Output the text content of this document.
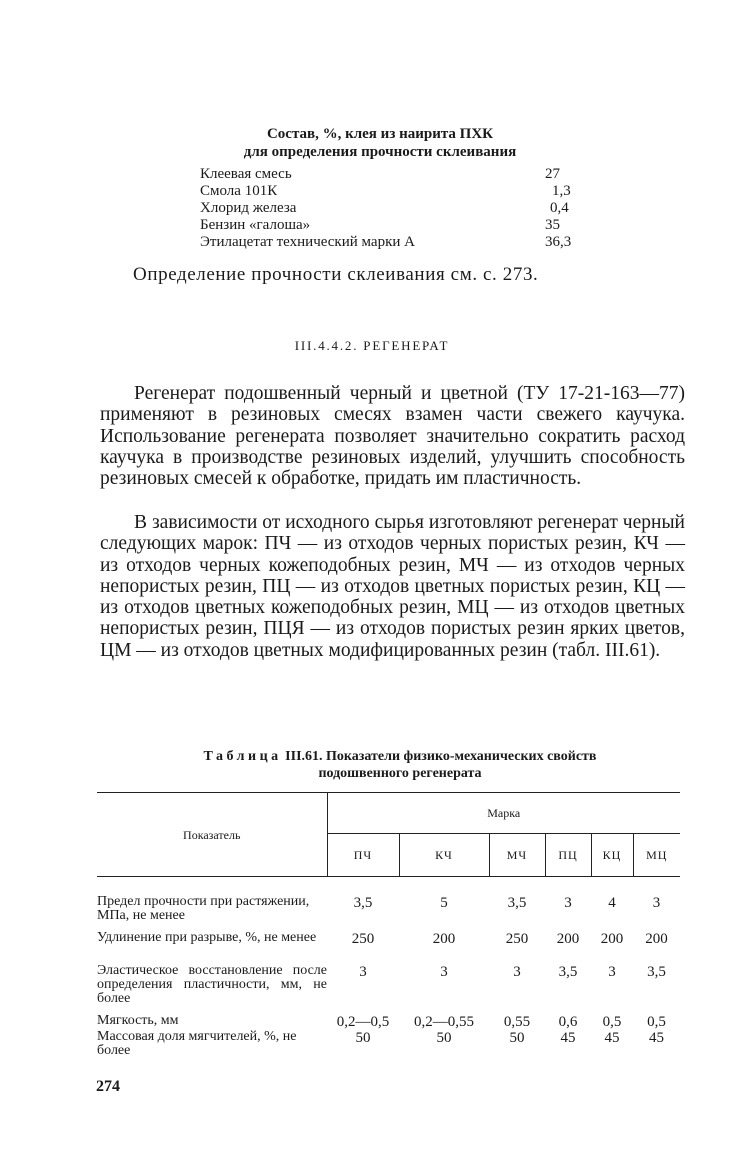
Состав, %, клея из наирита ПХК
для определения прочности склеивания
Клеевая смесь	27
Смола 101К	1,3
Хлорид железа	0,4
Бензин «галоша»	35
Этилацетат технический марки А	36,3
Определение прочности склеивания см. с. 273.
III.4.4.2. РЕГЕНЕРАТ
Регенерат подошвенный черный и цветной (ТУ 17-21-163—77) применяют в резиновых смесях взамен части свежего каучука. Использование регенерата позволяет значительно сократить расход каучука в производстве резиновых изделий, улучшить способность резиновых смесей к обработке, придать им пластичность.
В зависимости от исходного сырья изготовляют регенерат черный следующих марок: ПЧ — из отходов черных пористых резин, КЧ — из отходов черных кожеподобных резин, МЧ — из отходов черных непористых резин, ПЦ — из отходов цветных пористых резин, КЦ — из отходов цветных кожеподобных резин, МЦ — из отходов цветных непористых резин, ПЦЯ — из отходов пористых резин ярких цветов, ЦМ — из отходов цветных модифицированных резин (табл. III.61).
Таблица III.61. Показатели физико-механических свойств
подошвенного регенерата
Показатель	Марка					
	ПЧ	КЧ	МЧ	ПЦ	КЦ	МЦ

Предел прочности при растяжении, МПа, не менее	3,5	5	3,5	3	4	3
Удлинение при разрыве, %, не менее	250	200	250	200	200	200
Эластическое восстановление после определения пластичности, мм, не более	3	3	3	3,5	3	3,5
Мягкость, мм	0,2—0,5	0,2—0,55	0,55	0,6	0,5	0,5
Массовая доля мягчителей, %, не более	50	50	50	45	45	45
274
